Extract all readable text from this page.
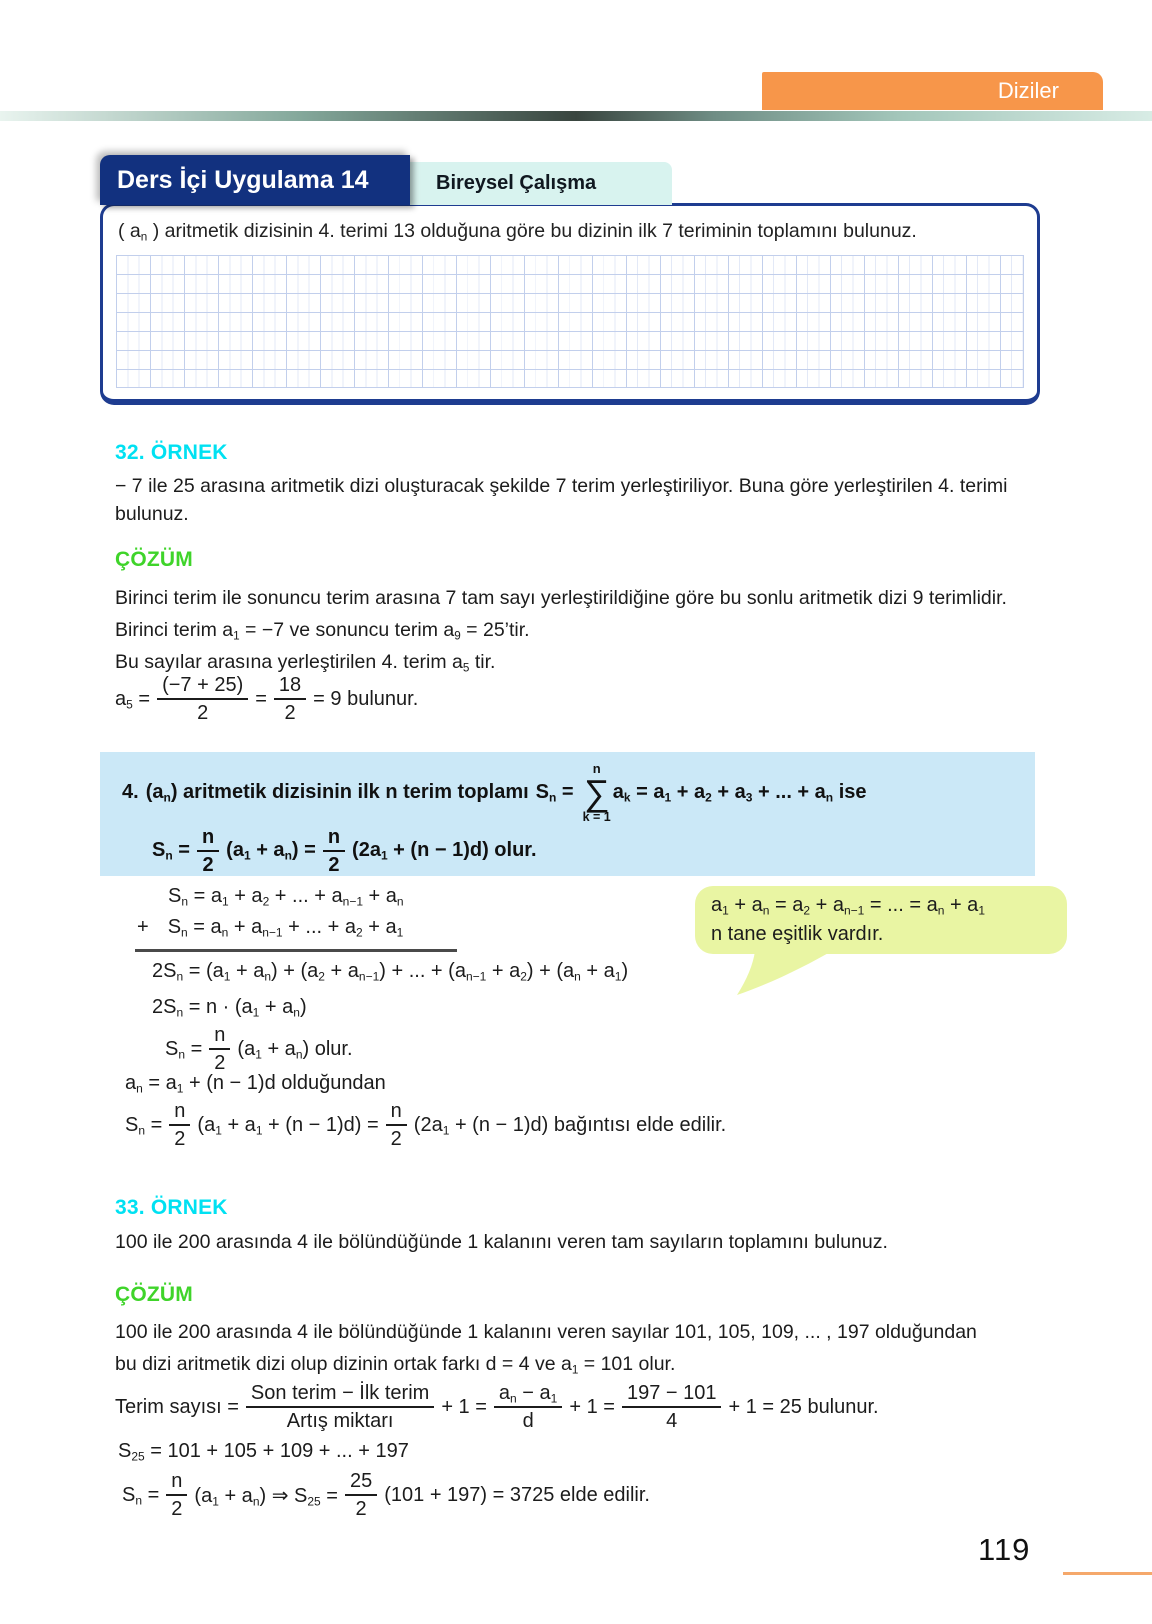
Diziler
Ders İçi Uygulama 14	Bireysel Çalışma
( $a_n$ ) aritmetik dizisinin 4. terimi 13 olduğuna göre bu dizinin ilk 7 teriminin toplamını bulunuz.
32. ÖRNEK
− 7 ile 25 arasına aritmetik dizi oluşturacak şekilde 7 terim yerleştiriliyor. Buna göre yerleştirilen 4. terimi bulunuz.
ÇÖZÜM
Birinci terim ile sonuncu terim arasına 7 tam sayı yerleştirildiğine göre bu sonlu aritmetik dizi 9 terimlidir.
Birinci terim $a_1 = -7$ ve sonuncu terim $a_9$ = 25’tir.
Bu sayılar arasına yerleştirilen 4. terim $a_5$ tir.
$a_5 = \frac{(-7 + 25)}{2} = \frac{18}{2} = 9$ bulunur.
4. $(a_n)$ aritmetik dizisinin ilk n terim toplamı $S_n$ =
n
∑
k = 1
$a_k = a_1 + a_2 + a_3$ + ... + $a_n$ ise
$S_n = \frac{n}{2} (a_1 + a_n) = \frac{n}{2} (2a_1 + (n - 1)d)$ olur.
$S_n = a_1 + a_2$ + ... + $a_{n-1} + a_n$
+ $S_n = a_n + a_{n-1}$ + ... + $a_2 + a_1$
$2S_n = (a_1 + a_n) + (a_2 + a_{n-1})$ + ... + $(a_{n-1} + a_2) + (a_n + a_1)$
$2S_n = n \cdot (a_1 + a_n)$
$S_n = \frac{n}{2} (a_1 + a_n)$ olur.
$a_n = a_1 + (n - 1)d$ olduğundan
$S_n = \frac{n}{2} (a_1 + a_1 + (n - 1)d) = \frac{n}{2} (2a_1 + (n - 1)d)$ bağıntısı elde edilir.
$a_1 + a_n = a_2 + a_{n-1}$ = ... = $a_n + a_1$
n tane eşitlik vardır.
33. ÖRNEK
100 ile 200 arasında 4 ile bölündüğünde 1 kalanını veren tam sayıların toplamını bulunuz.
ÇÖZÜM
100 ile 200 arasında 4 ile bölündüğünde 1 kalanını veren sayılar 101, 105, 109, ... , 197 olduğundan
bu dizi aritmetik dizi olup dizinin ortak farkı d = 4 ve $a_1 = 101$ olur.
Terim sayısı = $\frac{\text{Son terim − İlk terim}}{\text{Artış miktarı}} + 1 = \frac{a_n - a_1}{d} + 1 = \frac{197 - 101}{4} + 1 = 25$ bulunur.
$S_{25} = 101 + 105 + 109$ + ... + 197
$S_n = \frac{n}{2} (a_1 + a_n)$ ⇒ $S_{25} = \frac{25}{2} (101 + 197) = 3725$ elde edilir.
119
